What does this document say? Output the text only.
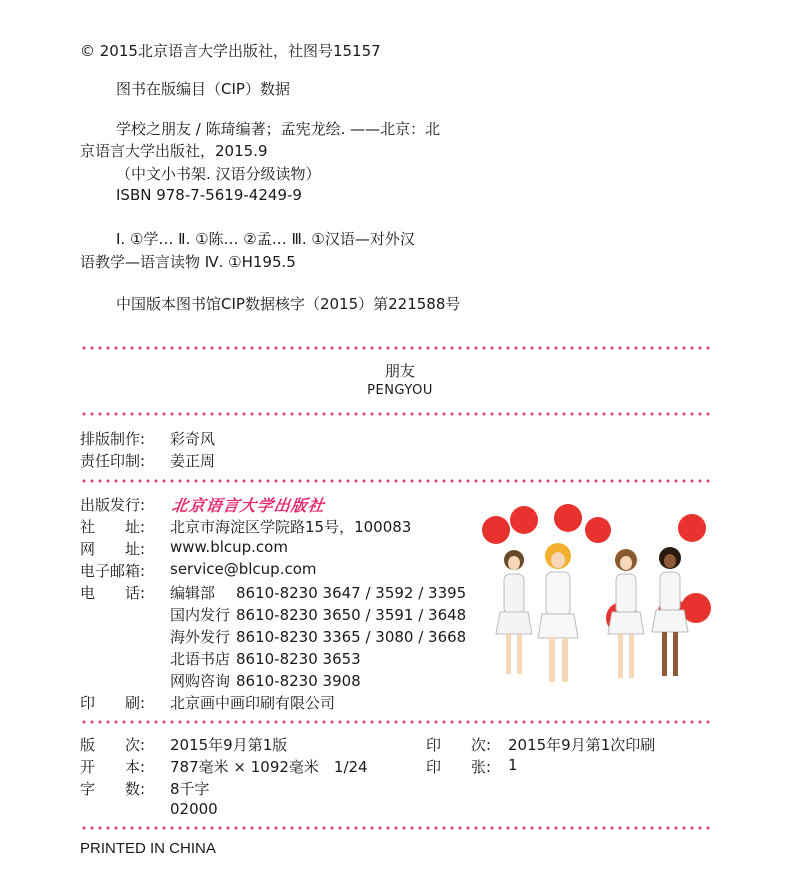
© 2015北京语言大学出版社，社图号15157
图书在版编目（CIP）数据
学校之朋友 / 陈琦编著；孟宪龙绘. ——北京：北
京语言大学出版社，2015.9
（中文小书架. 汉语分级读物）
ISBN 978-7-5619-4249-9
Ⅰ. ①学… Ⅱ. ①陈… ②孟… Ⅲ. ①汉语—对外汉
语教学—语言读物 Ⅳ. ①H195.5
中国版本图书馆CIP数据核字（2015）第221588号
朋友
PENGYOU
排版制作: 彩奇风
责任印制: 姜正周
出版发行: 北京语言大学出版社
社　　址: 北京市海淀区学院路15号，100083
网　　址: www.blcup.com
电子邮箱: service@blcup.com
电　　话: 编辑部 8610-8230 3647 / 3592 / 3395
国内发行 8610-8230 3650 / 3591 / 3648
海外发行 8610-8230 3365 / 3080 / 3668
北语书店 8610-8230 3653
网购咨询 8610-8230 3908
印　　刷: 北京画中画印刷有限公司
版　　次: 2015年9月第1版	印　　次: 2015年9月第1次印刷
开　　本: 787毫米 × 1092毫米　1/24	印　　张: 1
字　　数: 8千字
02000
PRINTED IN CHINA
